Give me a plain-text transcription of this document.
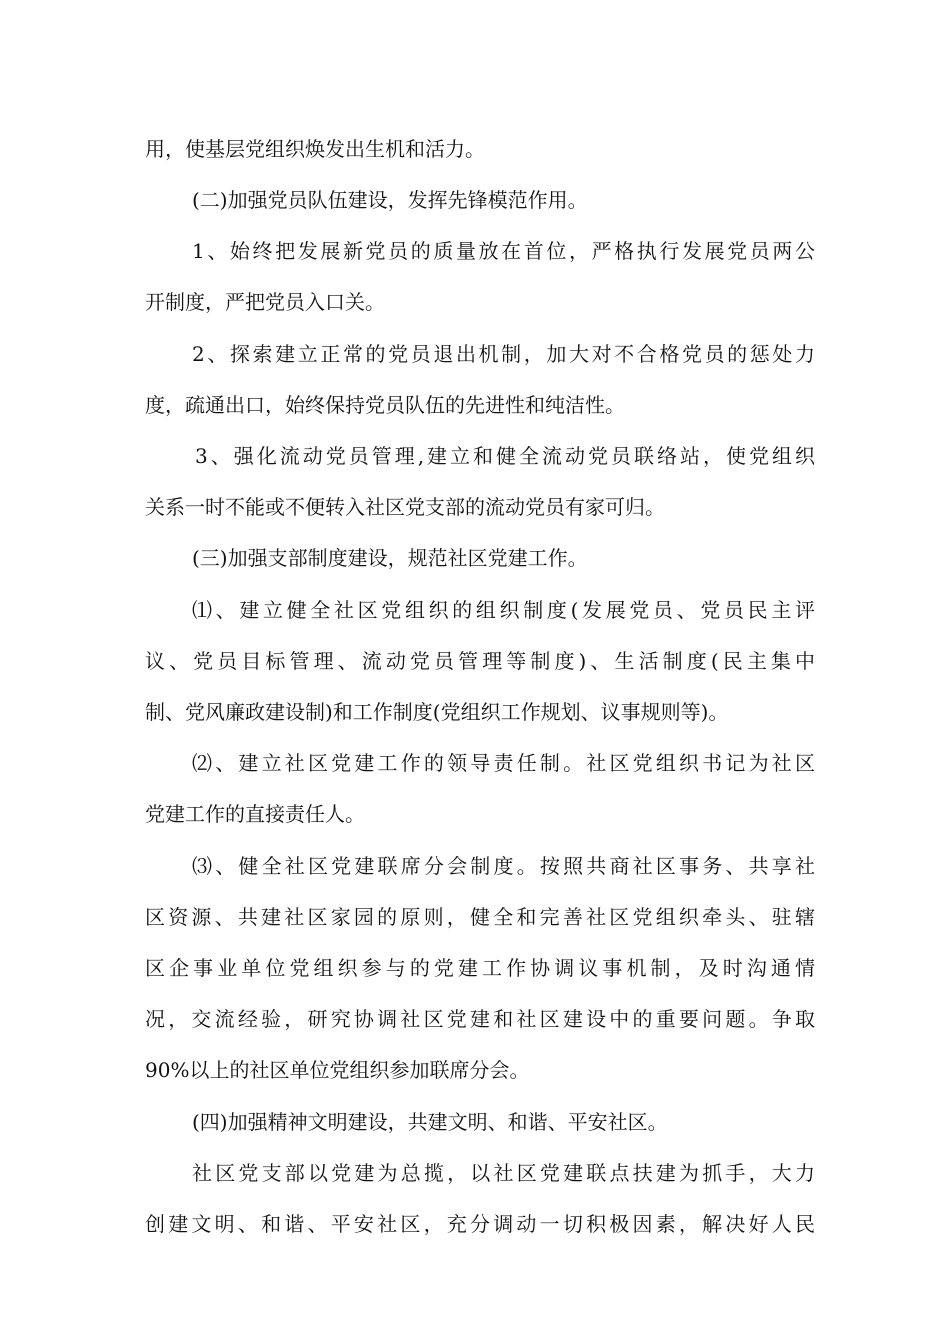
用，使基层党组织焕发出生机和活力。
(二)加强党员队伍建设，发挥先锋模范作用。
1、始终把发展新党员的质量放在首位，严格执行发展党员两公
开制度，严把党员入口关。
2、探索建立正常的党员退出机制，加大对不合格党员的惩处力
度，疏通出口，始终保持党员队伍的先进性和纯洁性。
3、强化流动党员管理,建立和健全流动党员联络站，使党组织
关系一时不能或不便转入社区党支部的流动党员有家可归。
(三)加强支部制度建设，规范社区党建工作。
⑴、建立健全社区党组织的组织制度(发展党员、党员民主评
议、党员目标管理、流动党员管理等制度)、生活制度(民主集中
制、党风廉政建设制)和工作制度(党组织工作规划、议事规则等)。
⑵、建立社区党建工作的领导责任制。社区党组织书记为社区
党建工作的直接责任人。
⑶、健全社区党建联席分会制度。按照共商社区事务、共享社
区资源、共建社区家园的原则，健全和完善社区党组织牵头、驻辖
区企事业单位党组织参与的党建工作协调议事机制，及时沟通情
况，交流经验，研究协调社区党建和社区建设中的重要问题。争取
90%以上的社区单位党组织参加联席分会。
(四)加强精神文明建设，共建文明、和谐、平安社区。
社区党支部以党建为总揽，以社区党建联点扶建为抓手，大力
创建文明、和谐、平安社区，充分调动一切积极因素，解决好人民
